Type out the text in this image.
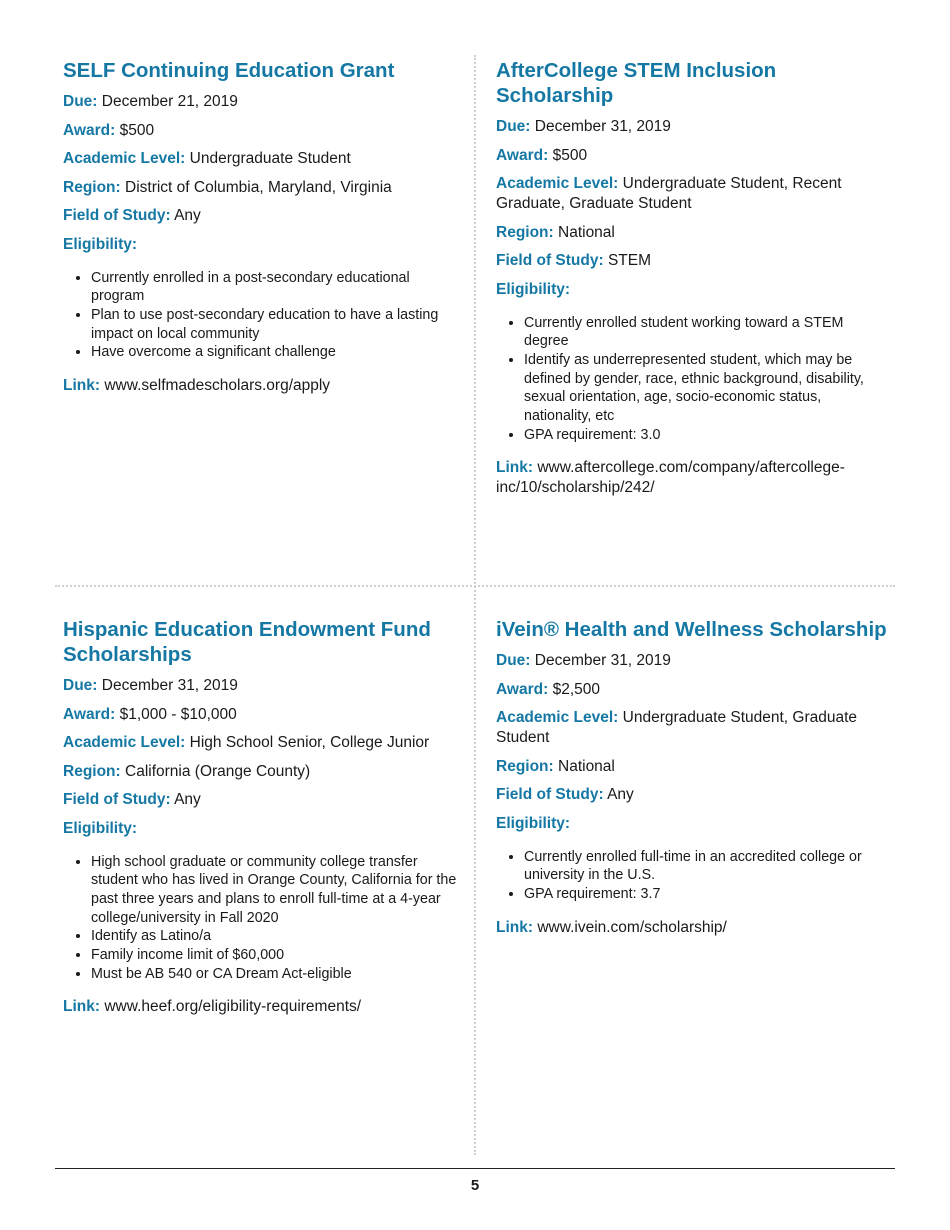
SELF Continuing Education Grant
Due: December 21, 2019
Award: $500
Academic Level: Undergraduate Student
Region: District of Columbia, Maryland, Virginia
Field of Study: Any
Eligibility:
• Currently enrolled in a post-secondary educational program
• Plan to use post-secondary education to have a lasting impact on local community
• Have overcome a significant challenge
Link: www.selfmadescholars.org/apply
AfterCollege STEM Inclusion Scholarship
Due: December 31, 2019
Award: $500
Academic Level: Undergraduate Student, Recent Graduate, Graduate Student
Region: National
Field of Study: STEM
Eligibility:
• Currently enrolled student working toward a STEM degree
• Identify as underrepresented student, which may be defined by gender, race, ethnic background, disability, sexual orientation, age, socio-economic status, nationality, etc
• GPA requirement: 3.0
Link: www.aftercollege.com/company/aftercollege-inc/10/scholarship/242/
Hispanic Education Endowment Fund Scholarships
Due: December 31, 2019
Award: $1,000 - $10,000
Academic Level: High School Senior, College Junior
Region: California (Orange County)
Field of Study: Any
Eligibility:
• High school graduate or community college transfer student who has lived in Orange County, California for the past three years and plans to enroll full-time at a 4-year college/university in Fall 2020
• Identify as Latino/a
• Family income limit of $60,000
• Must be AB 540 or CA Dream Act-eligible
Link: www.heef.org/eligibility-requirements/
iVein® Health and Wellness Scholarship
Due: December 31, 2019
Award: $2,500
Academic Level: Undergraduate Student, Graduate Student
Region: National
Field of Study: Any
Eligibility:
• Currently enrolled full-time in an accredited college or university in the U.S.
• GPA requirement: 3.7
Link: www.ivein.com/scholarship/
5
